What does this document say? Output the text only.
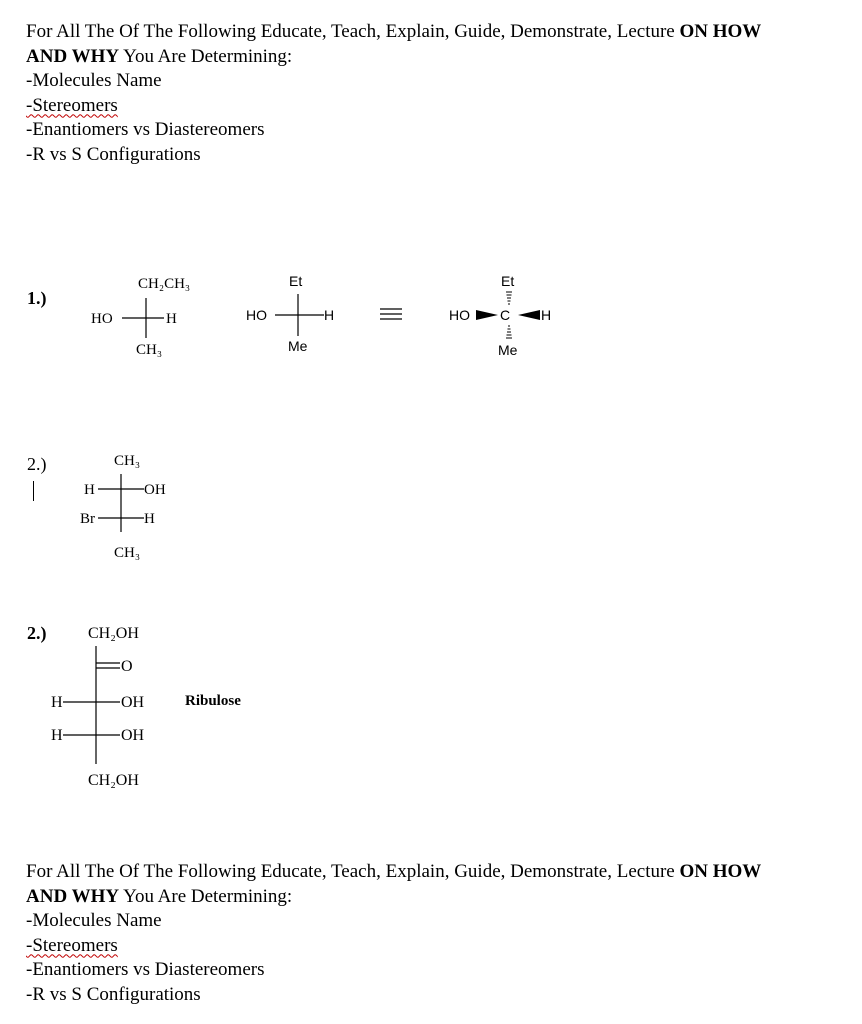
For All The Of The Following Educate, Teach, Explain, Guide, Demonstrate, Lecture ON HOW

AND WHY You Are Determining:

-Molecules Name

-Stereomers

-Enantiomers vs Diastereomers

-R vs S Configurations

1.)
CH₂CH₃
HO	H
CH₃
Et
HO	H
Me
Et
HO C H
Me
2.)	CH₃
H	OH
Br	H
CH₃
2.)	CH₂OH
O
H	OH
H	OH
CH₂OH
Ribulose

For All The Of The Following Educate, Teach, Explain, Guide, Demonstrate, Lecture ON HOW

AND WHY You Are Determining:

-Molecules Name

-Stereomers

-Enantiomers vs Diastereomers

-R vs S Configurations
